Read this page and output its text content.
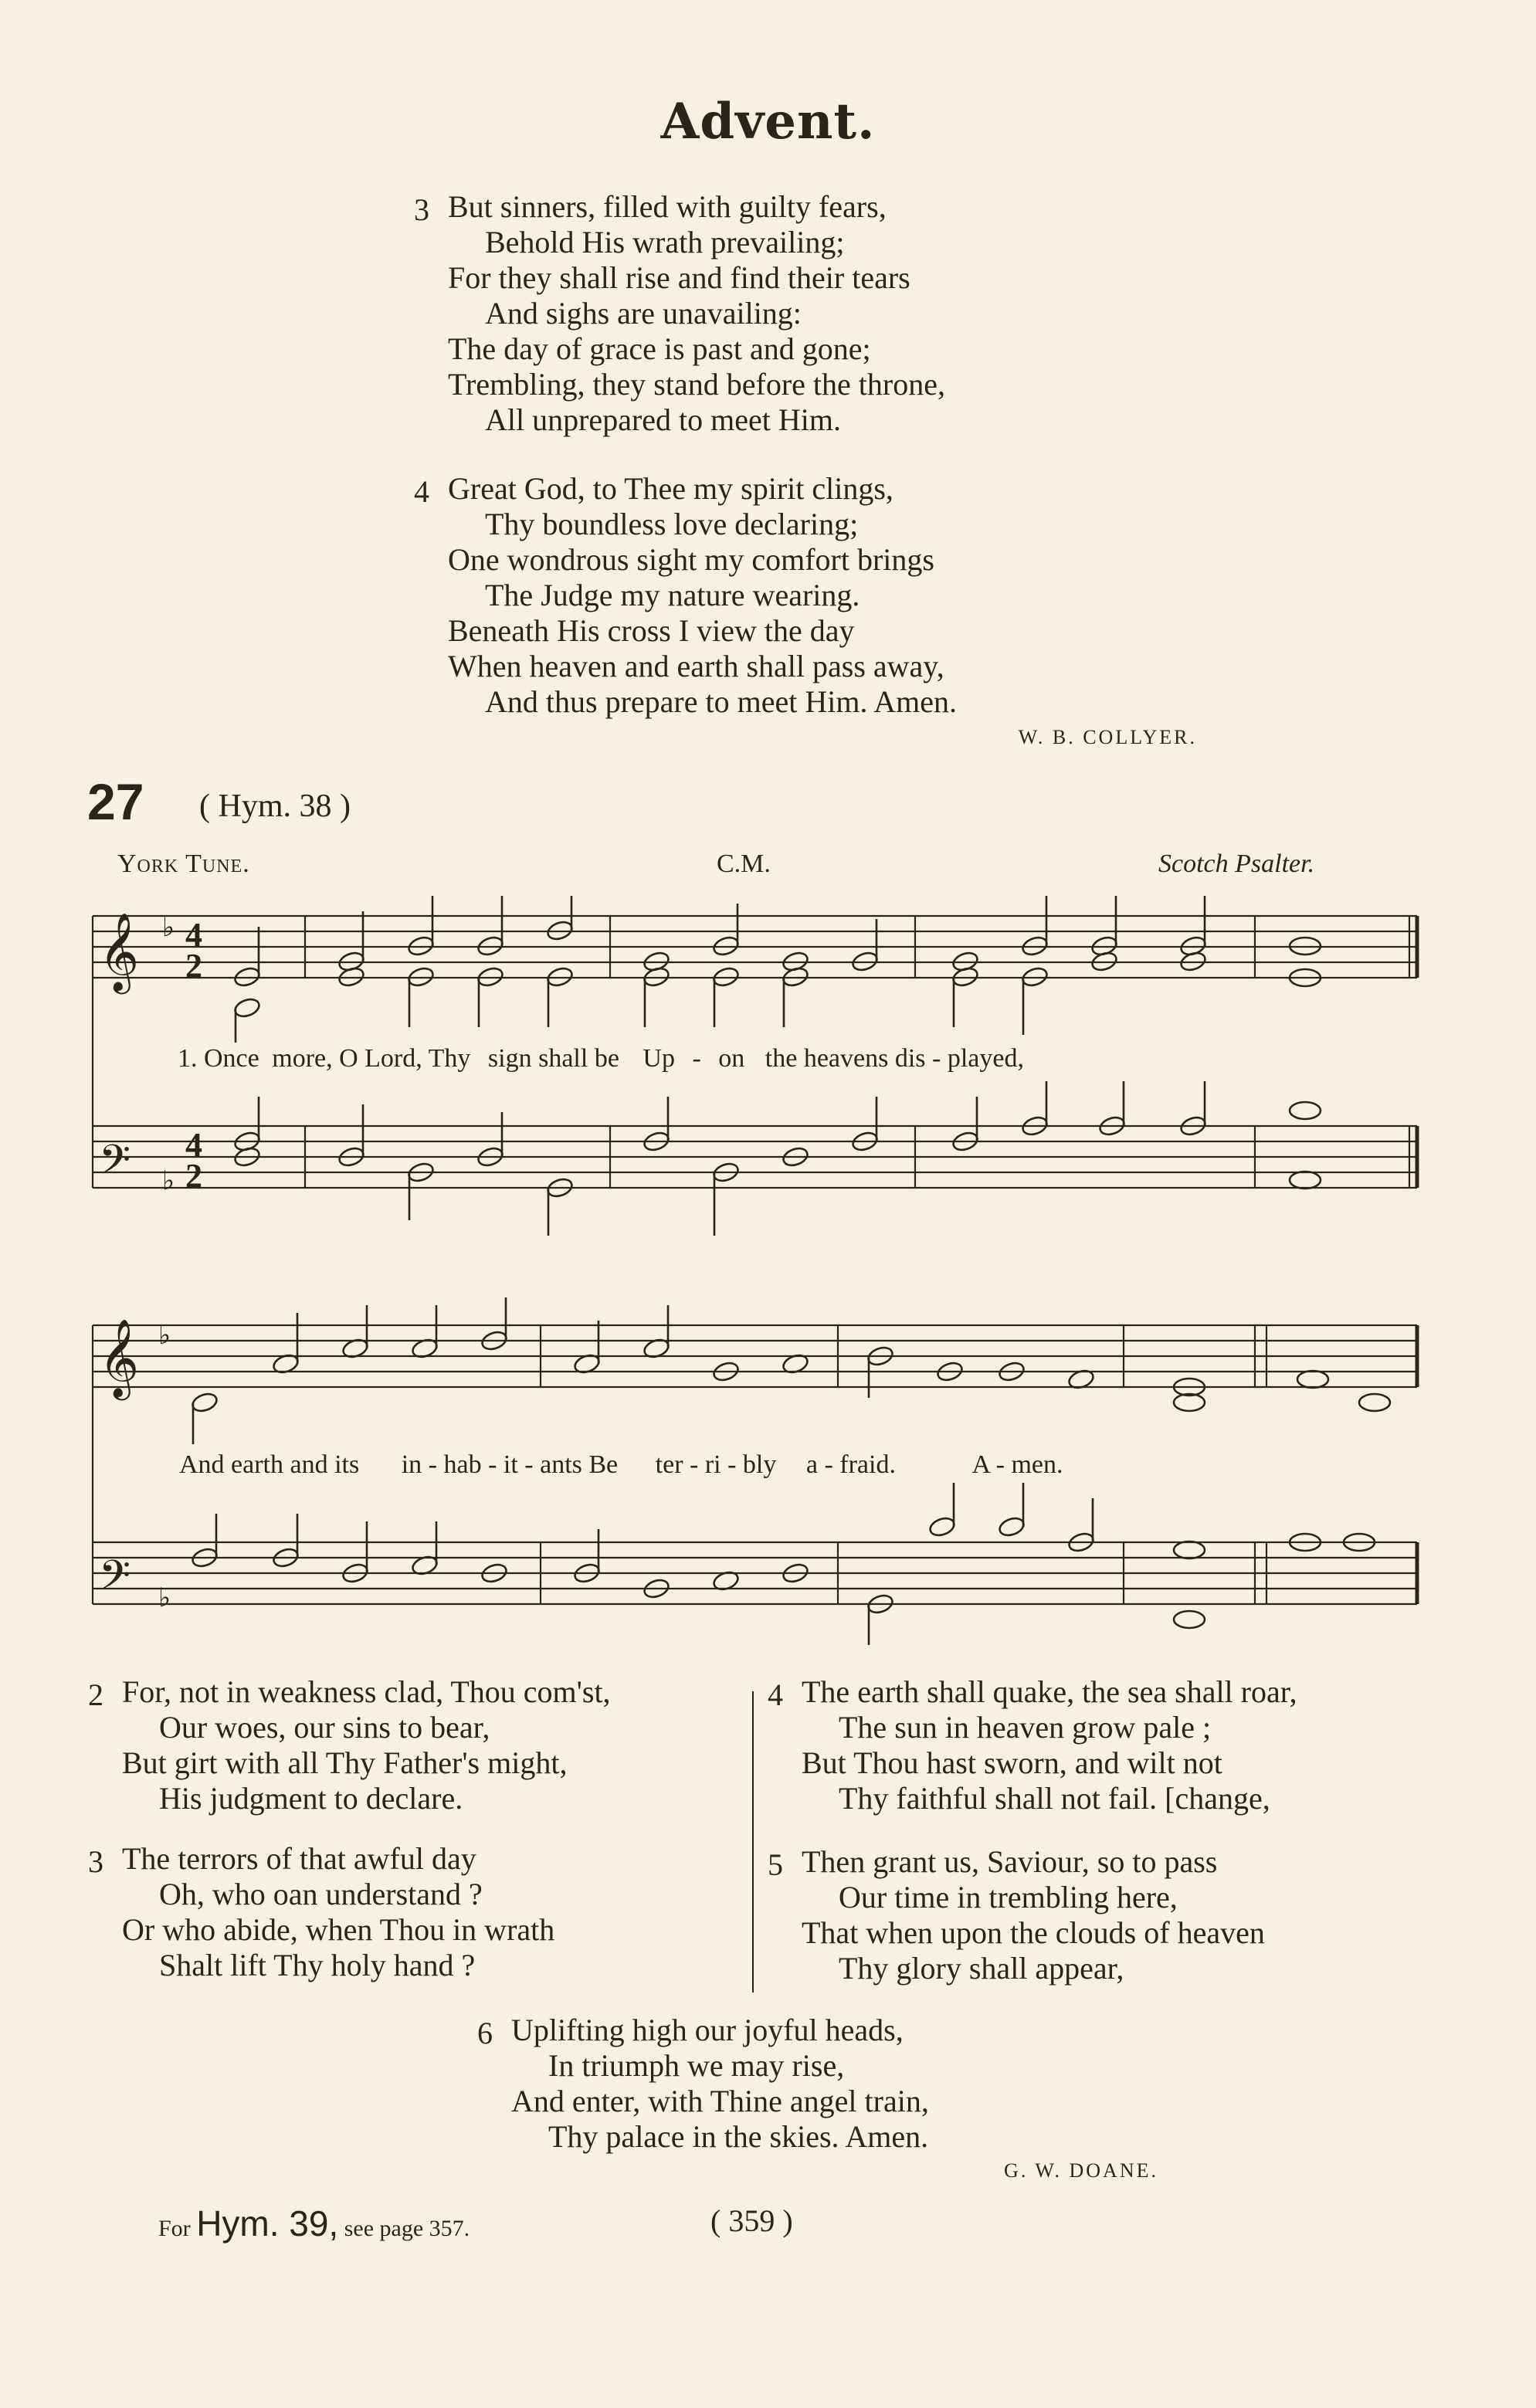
Advent.
3 But sinners, filled with guilty fears,
Behold His wrath prevailing;
For they shall rise and find their tears
And sighs are unavailing:
The day of grace is past and gone;
Trembling, they stand before the throne,
All unprepared to meet Him.
4 Great God, to Thee my spirit clings,
Thy boundless love declaring;
One wondrous sight my comfort brings
The Judge my nature wearing.
Beneath His cross I view the day
When heaven and earth shall pass away,
And thus prepare to meet Him. Amen.
W. B. COLLYER.
27 ( Hym. 38 )
York Tune.	C.M.	Scotch Psalter.
𝄞
𝄢
𝄞
𝄢
♭
♭
♭
♭
4
2
4
2
1. Once more, O Lord, Thy sign shall be Up - on the heavens dis - played,
And earth and its in - hab - it - ants Be ter - ri - bly a - fraid.	A - men.
2 For, not in weakness clad, Thou com'st,
Our woes, our sins to bear,
But girt with all Thy Father's might,
His judgment to declare.
3 The terrors of that awful day
Oh, who oan understand ?
Or who abide, when Thou in wrath
Shalt lift Thy holy hand ?
4 The earth shall quake, the sea shall roar,
The sun in heaven grow pale ;
But Thou hast sworn, and wilt not
Thy faithful shall not fail. [change,
5 Then grant us, Saviour, so to pass
Our time in trembling here,
That when upon the clouds of heaven
Thy glory shall appear,
6 Uplifting high our joyful heads,
In triumph we may rise,
And enter, with Thine angel train,
Thy palace in the skies. Amen.
G. W. DOANE.
For Hym. 39, see page 357.	( 359 )
